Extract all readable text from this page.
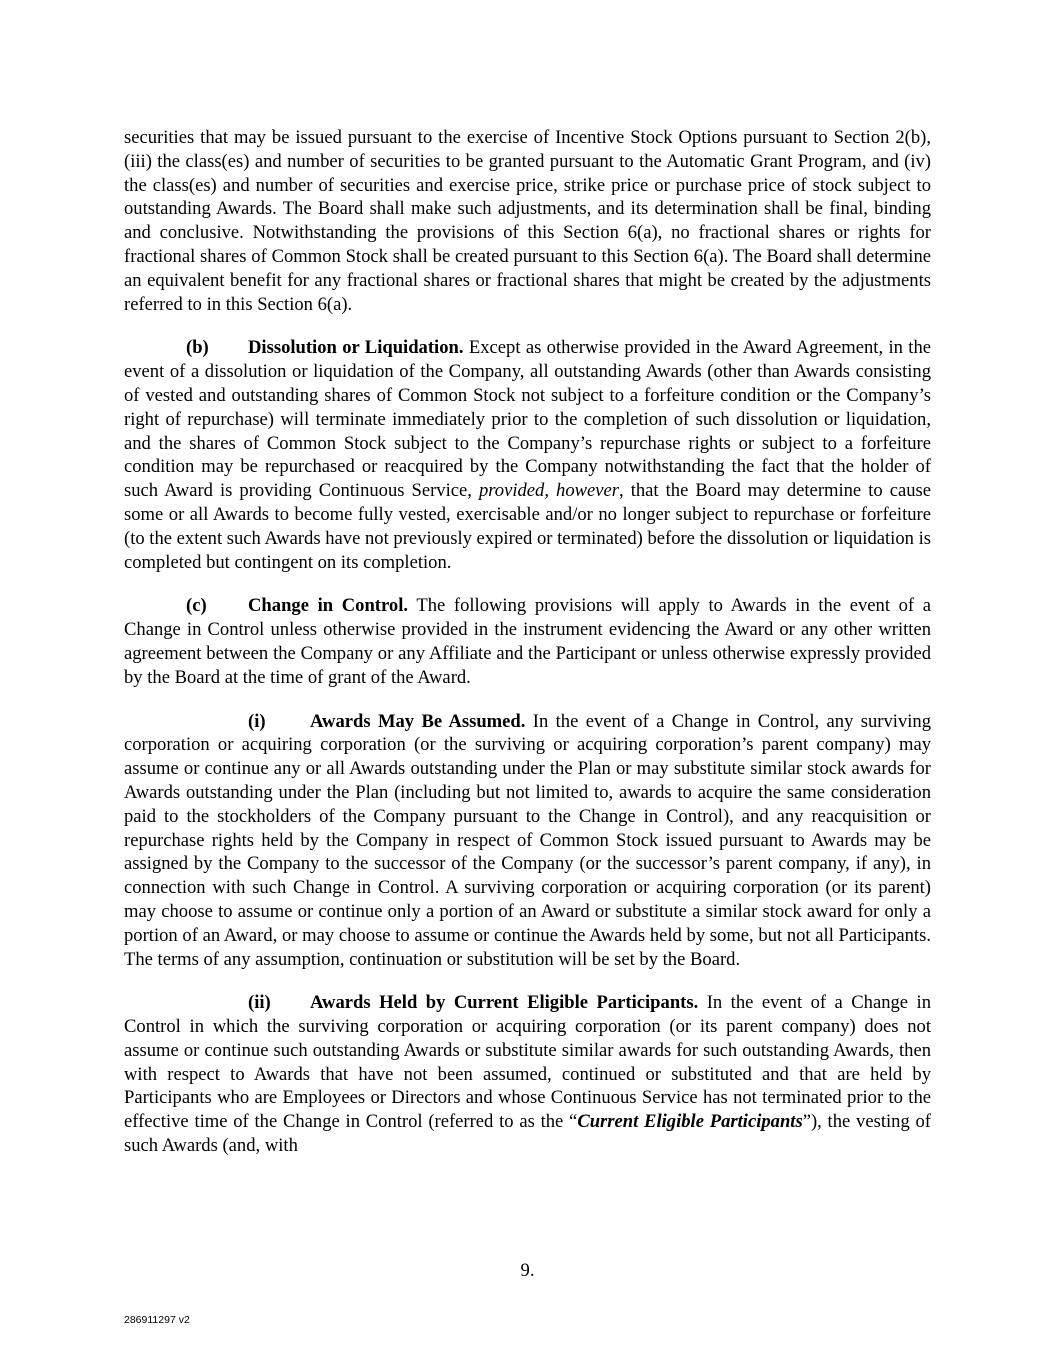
securities that may be issued pursuant to the exercise of Incentive Stock Options pursuant to Section 2(b), (iii) the class(es) and number of securities to be granted pursuant to the Automatic Grant Program, and (iv) the class(es) and number of securities and exercise price, strike price or purchase price of stock subject to outstanding Awards. The Board shall make such adjustments, and its determination shall be final, binding and conclusive. Notwithstanding the provisions of this Section 6(a), no fractional shares or rights for fractional shares of Common Stock shall be created pursuant to this Section 6(a). The Board shall determine an equivalent benefit for any fractional shares or fractional shares that might be created by the adjustments referred to in this Section 6(a).

(b) Dissolution or Liquidation. Except as otherwise provided in the Award Agreement, in the event of a dissolution or liquidation of the Company, all outstanding Awards (other than Awards consisting of vested and outstanding shares of Common Stock not subject to a forfeiture condition or the Company’s right of repurchase) will terminate immediately prior to the completion of such dissolution or liquidation, and the shares of Common Stock subject to the Company’s repurchase rights or subject to a forfeiture condition may be repurchased or reacquired by the Company notwithstanding the fact that the holder of such Award is providing Continuous Service, provided, however, that the Board may determine to cause some or all Awards to become fully vested, exercisable and/or no longer subject to repurchase or forfeiture (to the extent such Awards have not previously expired or terminated) before the dissolution or liquidation is completed but contingent on its completion.

(c) Change in Control. The following provisions will apply to Awards in the event of a Change in Control unless otherwise provided in the instrument evidencing the Award or any other written agreement between the Company or any Affiliate and the Participant or unless otherwise expressly provided by the Board at the time of grant of the Award.

(i) Awards May Be Assumed. In the event of a Change in Control, any surviving corporation or acquiring corporation (or the surviving or acquiring corporation’s parent company) may assume or continue any or all Awards outstanding under the Plan or may substitute similar stock awards for Awards outstanding under the Plan (including but not limited to, awards to acquire the same consideration paid to the stockholders of the Company pursuant to the Change in Control), and any reacquisition or repurchase rights held by the Company in respect of Common Stock issued pursuant to Awards may be assigned by the Company to the successor of the Company (or the successor’s parent company, if any), in connection with such Change in Control. A surviving corporation or acquiring corporation (or its parent) may choose to assume or continue only a portion of an Award or substitute a similar stock award for only a portion of an Award, or may choose to assume or continue the Awards held by some, but not all Participants. The terms of any assumption, continuation or substitution will be set by the Board.

(ii) Awards Held by Current Eligible Participants. In the event of a Change in Control in which the surviving corporation or acquiring corporation (or its parent company) does not assume or continue such outstanding Awards or substitute similar awards for such outstanding Awards, then with respect to Awards that have not been assumed, continued or substituted and that are held by Participants who are Employees or Directors and whose Continuous Service has not terminated prior to the effective time of the Change in Control (referred to as the “Current Eligible Participants”), the vesting of such Awards (and, with

9.
286911297 v2
